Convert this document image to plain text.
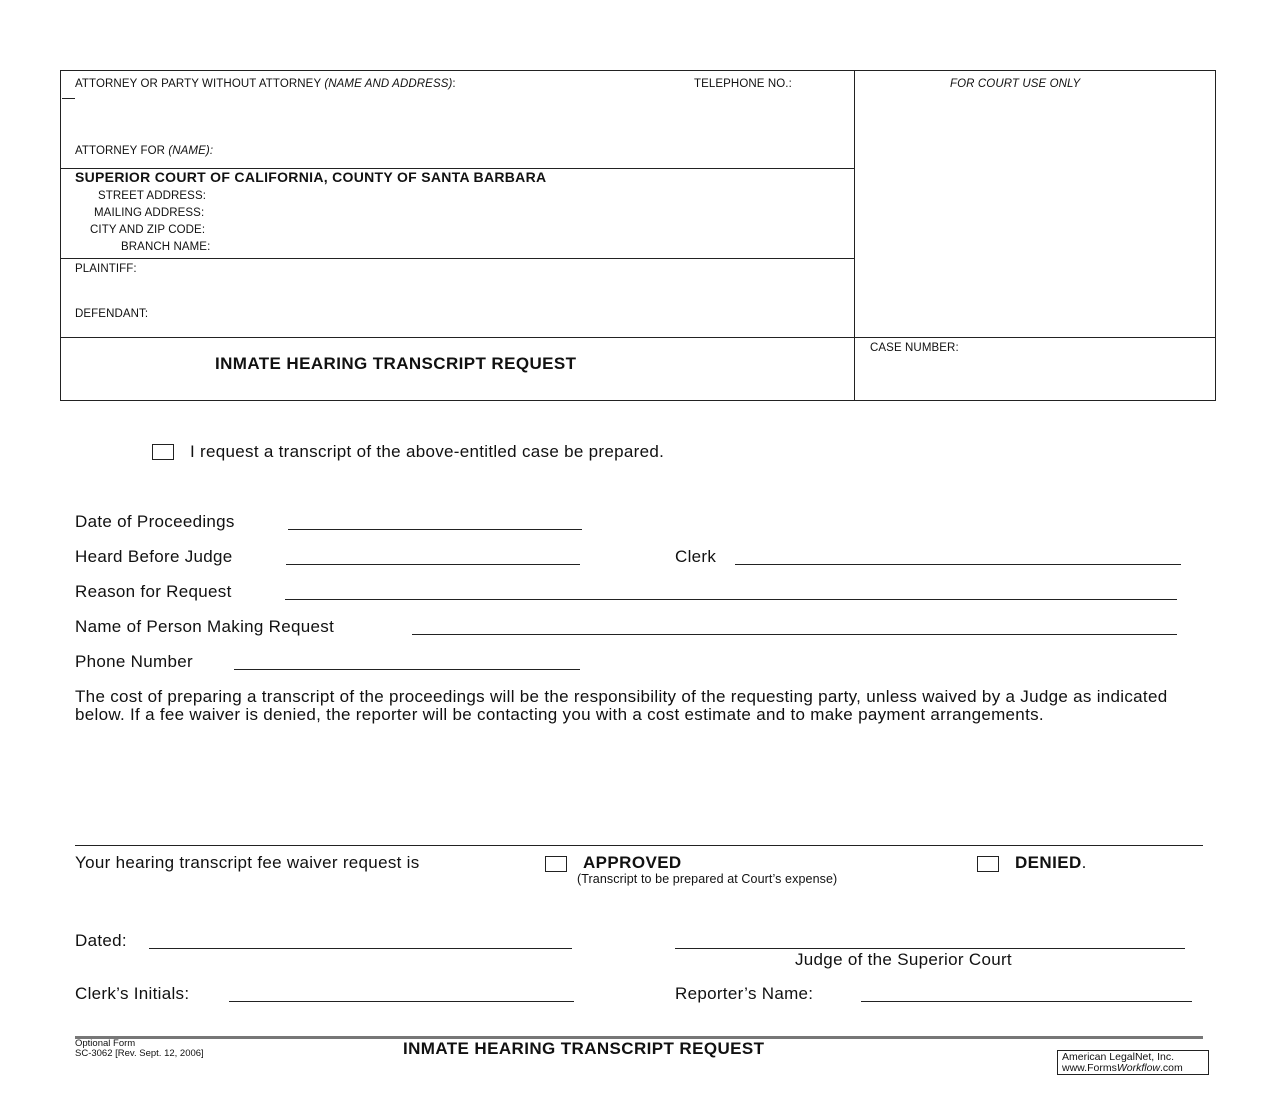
ATTORNEY OR PARTY WITHOUT ATTORNEY (NAME AND ADDRESS):	TELEPHONE NO.:	FOR COURT USE ONLY
ATTORNEY FOR (NAME):
SUPERIOR COURT OF CALIFORNIA, COUNTY OF SANTA BARBARA
STREET ADDRESS:
MAILING ADDRESS:
CITY AND ZIP CODE:
BRANCH NAME:
PLAINTIFF:
DEFENDANT:
INMATE HEARING TRANSCRIPT REQUEST
CASE NUMBER:
I request a transcript of the above-entitled case be prepared.
Date of Proceedings
Heard Before Judge	Clerk
Reason for Request
Name of Person Making Request
Phone Number
The cost of preparing a transcript of the proceedings will be the responsibility of the requesting party, unless waived by a Judge as indicated below. If a fee waiver is denied, the reporter will be contacting you with a cost estimate and to make payment arrangements.
Your hearing transcript fee waiver request is	APPROVED
(Transcript to be prepared at Court’s expense)
DENIED.
Dated:
Judge of the Superior Court
Clerk’s Initials:	Reporter’s Name:
Optional Form
SC-3062 [Rev. Sept. 12, 2006]	INMATE HEARING TRANSCRIPT REQUEST	American LegalNet, Inc.
www.FormsWorkflow.com
